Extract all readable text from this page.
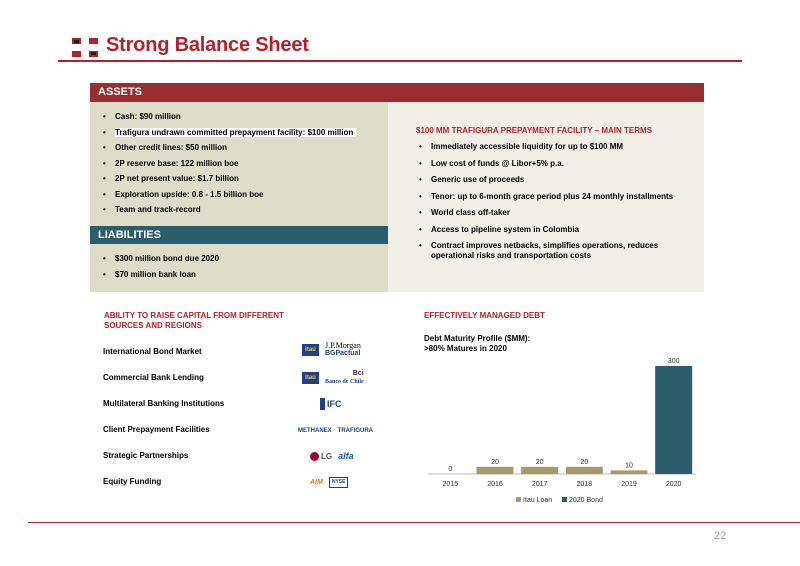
Strong Balance Sheet
ASSETS
LIABILITIES
• Cash: $90 million
• Trafigura undrawn committed prepayment facility: $100 million
• Other credit lines: $50 million
• 2P reserve base: 122 million boe
• 2P net present value: $1.7 billion
• Exploration upside: 0.8 - 1.5 billion boe
• Team and track-record
• $300 million bond due 2020
• $70 million bank loan
$100 MM TRAFIGURA PREPAYMENT FACILITY – MAIN TERMS
• Immediately accessible liquidity for up to $100 MM
• Low cost of funds @ Libor+5% p.a.
• Generic use of proceeds
• Tenor: up to 6-month grace period plus 24 monthly installments
• World class off-taker
• Access to pipeline system in Colombia
• Contract improves netbacks, simplifies operations, reduces operational risks and transportation costs
ABILITY TO RAISE CAPITAL FROM DIFFERENT SOURCES AND REGIONS
International Bond Market	Itaú	J.P.Morgan
BGPactual
Commercial Bank Lending	Itaú
Bci
Banco de Chile
Multilateral Banking Institutions	IFC
Client Prepayment Facilities	METHANEX TRAFIGURA
Strategic Partnerships	LG alfa
Equity Funding	AIM	NYSE
EFFECTIVELY MANAGED DEBT
Debt Maturity Profile ($MM):
>80% Matures in 2020
0
2015
20
2016
20
2017
20
2018
10
2019
300
2020
Itau Loan 2020 Bond
22
